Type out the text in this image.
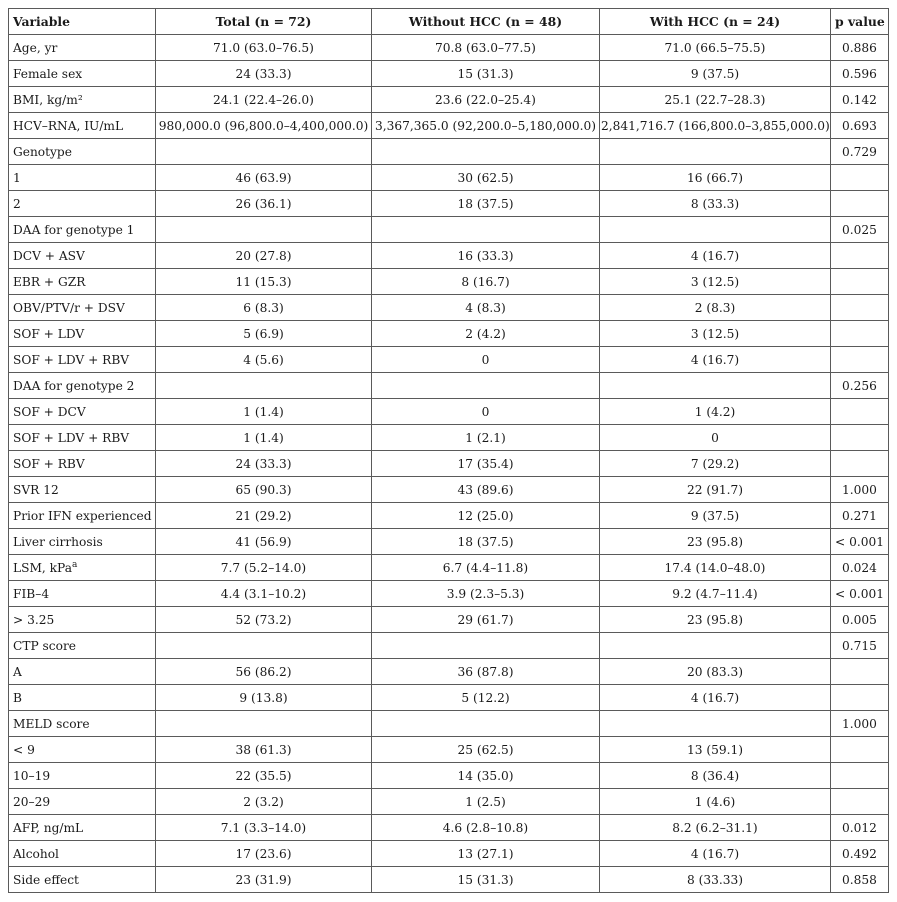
Variable	Total (n = 72)	Without HCC (n = 48)	With HCC (n = 24)	p value
Age, yr	71.0 (63.0–76.5)	70.8 (63.0–77.5)	71.0 (66.5–75.5)	0.886
Female sex	24 (33.3)	15 (31.3)	9 (37.5)	0.596
BMI, kg/m²	24.1 (22.4–26.0)	23.6 (22.0–25.4)	25.1 (22.7–28.3)	0.142
HCV–RNA, IU/mL	980,000.0 (96,800.0–4,400,000.0)	3,367,365.0 (92,200.0–5,180,000.0)	2,841,716.7 (166,800.0–3,855,000.0)	0.693
Genotype				0.729
1	46 (63.9)	30 (62.5)	16 (66.7)	
2	26 (36.1)	18 (37.5)	8 (33.3)	
DAA for genotype 1				0.025
DCV + ASV	20 (27.8)	16 (33.3)	4 (16.7)	
EBR + GZR	11 (15.3)	8 (16.7)	3 (12.5)	
OBV/PTV/r + DSV	6 (8.3)	4 (8.3)	2 (8.3)	
SOF + LDV	5 (6.9)	2 (4.2)	3 (12.5)	
SOF + LDV + RBV	4 (5.6)	0	4 (16.7)	
DAA for genotype 2				0.256
SOF + DCV	1 (1.4)	0	1 (4.2)	
SOF + LDV + RBV	1 (1.4)	1 (2.1)	0	
SOF + RBV	24 (33.3)	17 (35.4)	7 (29.2)	
SVR 12	65 (90.3)	43 (89.6)	22 (91.7)	1.000
Prior IFN experienced	21 (29.2)	12 (25.0)	9 (37.5)	0.271
Liver cirrhosis	41 (56.9)	18 (37.5)	23 (95.8)	< 0.001
LSM, kPa$^a$	7.7 (5.2–14.0)	6.7 (4.4–11.8)	17.4 (14.0–48.0)	0.024
FIB–4	4.4 (3.1–10.2)	3.9 (2.3–5.3)	9.2 (4.7–11.4)	< 0.001
> 3.25	52 (73.2)	29 (61.7)	23 (95.8)	0.005
CTP score				0.715
A	56 (86.2)	36 (87.8)	20 (83.3)	
B	9 (13.8)	5 (12.2)	4 (16.7)	
MELD score				1.000
< 9	38 (61.3)	25 (62.5)	13 (59.1)	
10–19	22 (35.5)	14 (35.0)	8 (36.4)	
20–29	2 (3.2)	1 (2.5)	1 (4.6)	
AFP, ng/mL	7.1 (3.3–14.0)	4.6 (2.8–10.8)	8.2 (6.2–31.1)	0.012
Alcohol	17 (23.6)	13 (27.1)	4 (16.7)	0.492
Side effect	23 (31.9)	15 (31.3)	8 (33.33)	0.858
